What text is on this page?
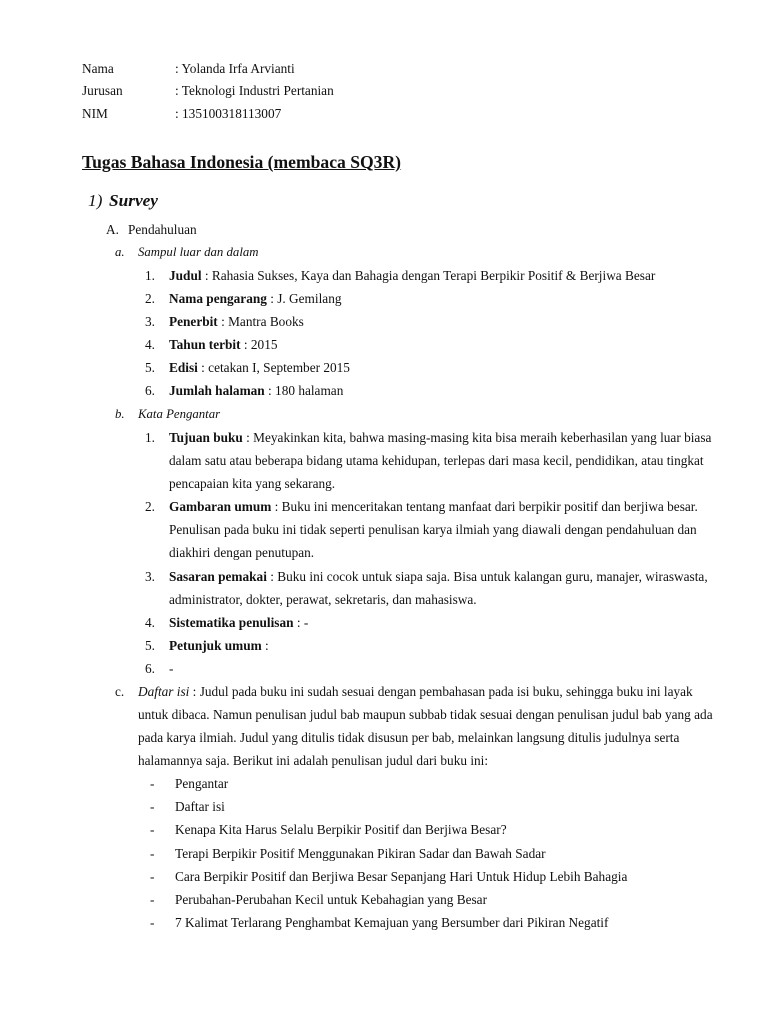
Nama	: Yolanda Irfa Arvianti
Jurusan	: Teknologi Industri Pertanian
NIM	: 135100318113007
Tugas Bahasa Indonesia (membaca SQ3R)
1) Survey
A. Pendahuluan
a. Sampul luar dan dalam
1. Judul : Rahasia Sukses, Kaya dan Bahagia dengan Terapi Berpikir Positif & Berjiwa Besar
2. Nama pengarang : J. Gemilang
3. Penerbit : Mantra Books
4. Tahun terbit : 2015
5. Edisi : cetakan I, September 2015
6. Jumlah halaman : 180 halaman
b. Kata Pengantar
1. Tujuan buku : Meyakinkan kita, bahwa masing-masing kita bisa meraih keberhasilan yang luar biasa dalam satu atau beberapa bidang utama kehidupan, terlepas dari masa kecil, pendidikan, atau tingkat pencapaian kita yang sekarang.
2. Gambaran umum : Buku ini menceritakan tentang manfaat dari berpikir positif dan berjiwa besar. Penulisan pada buku ini tidak seperti penulisan karya ilmiah yang diawali dengan pendahuluan dan diakhiri dengan penutupan.
3. Sasaran pemakai : Buku ini cocok untuk siapa saja. Bisa untuk kalangan guru, manajer, wiraswasta, administrator, dokter, perawat, sekretaris, dan mahasiswa.
4. Sistematika penulisan : -
5. Petunjuk umum :
6. -
c. Daftar isi : Judul pada buku ini sudah sesuai dengan pembahasan pada isi buku, sehingga buku ini layak untuk dibaca. Namun penulisan judul bab maupun subbab tidak sesuai dengan penulisan judul bab yang ada pada karya ilmiah. Judul yang ditulis tidak disusun per bab, melainkan langsung ditulis judulnya serta halamannya saja. Berikut ini adalah penulisan judul dari buku ini:
- Pengantar
- Daftar isi
- Kenapa Kita Harus Selalu Berpikir Positif dan Berjiwa Besar?
- Terapi Berpikir Positif Menggunakan Pikiran Sadar dan Bawah Sadar
- Cara Berpikir Positif dan Berjiwa Besar Sepanjang Hari Untuk Hidup Lebih Bahagia
- Perubahan-Perubahan Kecil untuk Kebahagian yang Besar
- 7 Kalimat Terlarang Penghambat Kemajuan yang Bersumber dari Pikiran Negatif
